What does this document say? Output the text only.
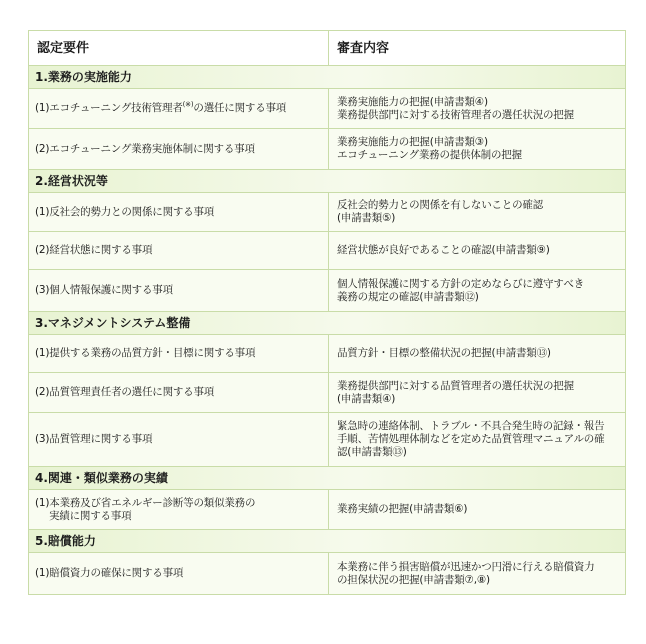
認定要件	審査内容
1.業務の実施能力	
(1)エコチューニング技術管理者(※)の選任に関する事項	業務実施能力の把握(申請書類④)
業務提供部門に対する技術管理者の選任状況の把握

(2)エコチューニング業務実施体制に関する事項	業務実施能力の把握(申請書類③)
エコチューニング業務の提供体制の把握

2.経営状況等	
(1)反社会的勢力との関係に関する事項	反社会的勢力との関係を有しないことの確認
(申請書類⑤)

(2)経営状態に関する事項	経営状態が良好であることの確認(申請書類⑨)

(3)個人情報保護に関する事項	個人情報保護に関する方針の定めならびに遵守すべき
義務の規定の確認(申請書類⑫)

3.マネジメントシステム整備	
(1)提供する業務の品質方針・目標に関する事項	品質方針・目標の整備状況の把握(申請書類⑬)

(2)品質管理責任者の選任に関する事項	業務提供部門に対する品質管理者の選任状況の把握
(申請書類④)

(3)品質管理に関する事項	緊急時の連絡体制、トラブル・不具合発生時の記録・報告
手順、苦情処理体制などを定めた品質管理マニュアルの確
認(申請書類⑬)

4.関連・類似業務の実績	

(1)本業務及び省エネルギー診断等の類似業務の
実績に関する事項	業務実績の把握(申請書類⑥)

5.賠償能力	
(1)賠償資力の確保に関する事項	本業務に伴う損害賠償が迅速かつ円滑に行える賠償資力
の担保状況の把握(申請書類⑦,⑧)
